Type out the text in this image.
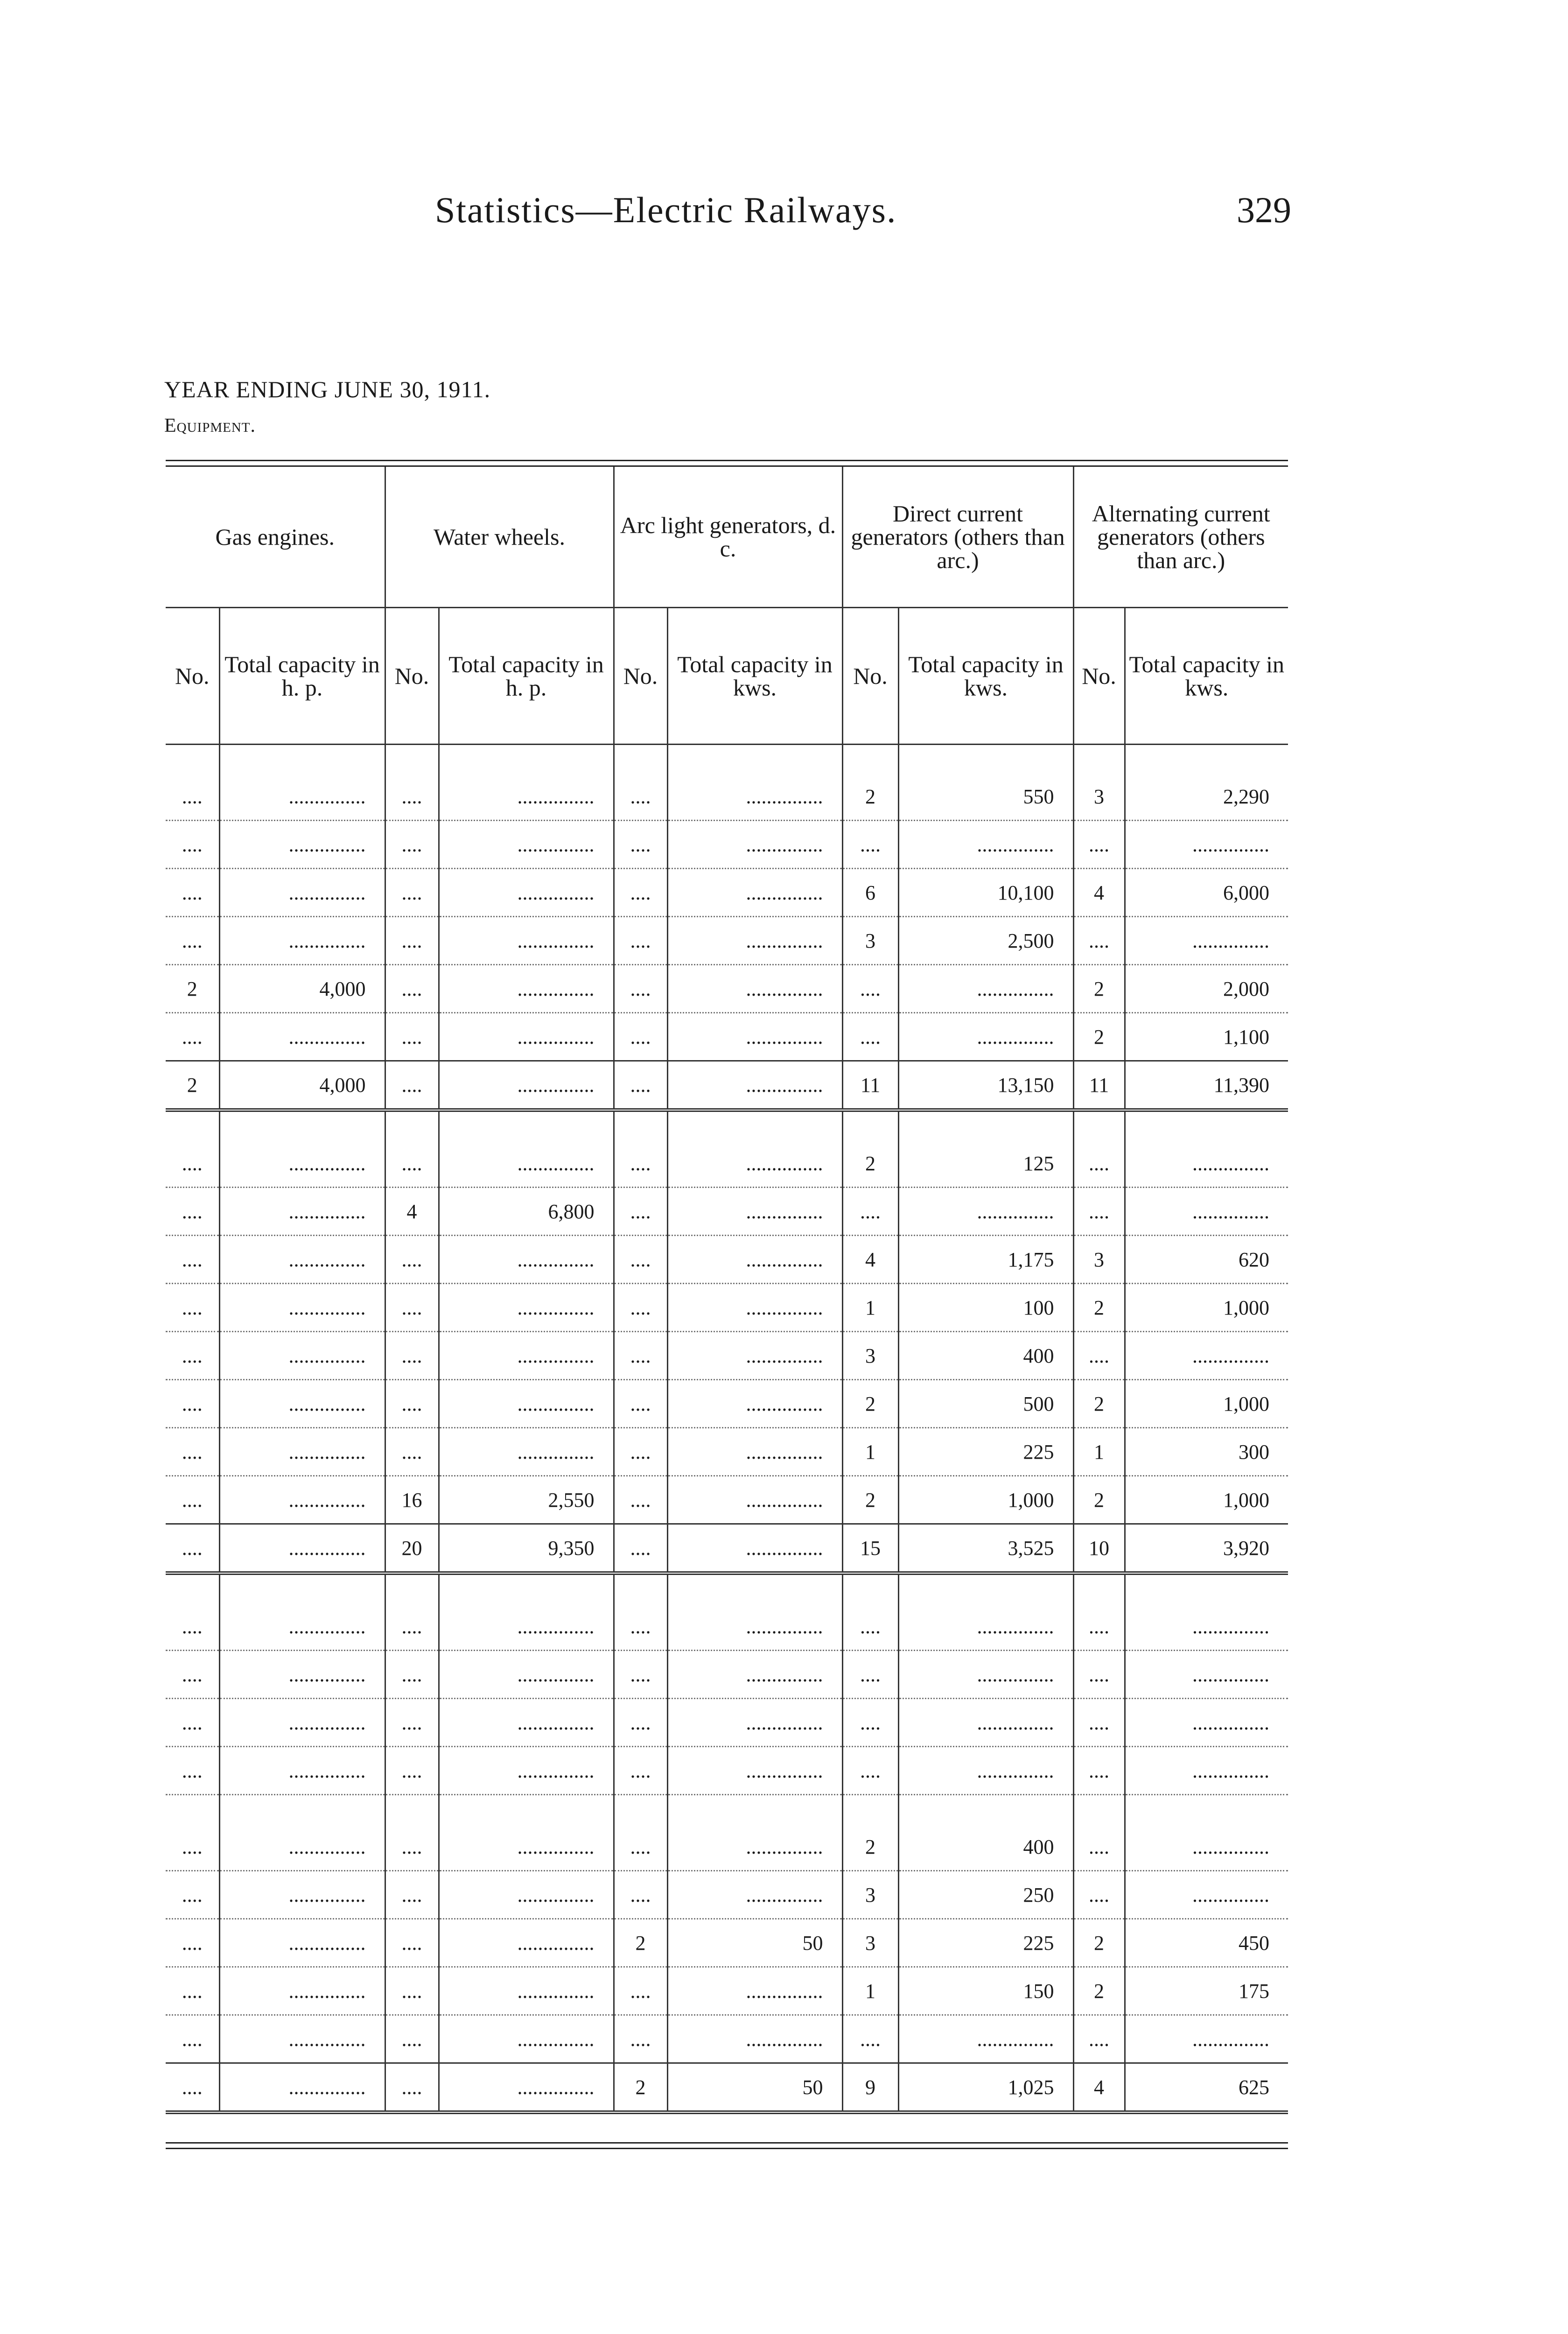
Statistics—Electric Railways.	329
YEAR ENDING JUNE 30, 1911.
Equipment.
Gas engines.		Water wheels.		Arc light generators, d. c.		Direct current generators (others than arc.)		Alternating current generators (others than arc.)	
No.	Total capacity in h. p.	No.	Total capacity in h. p.	No.	Total capacity in kws.	No.	Total capacity in kws.	No.	Total capacity in kws.

....	...............	....	...............	....	...............	2	550	3	2,290
....	...............	....	...............	....	...............	....	...............	....	...............
....	...............	....	...............	....	...............	6	10,100	4	6,000
....	...............	....	...............	....	...............	3	2,500	....	...............
2	4,000	....	...............	....	...............	....	...............	2	2,000
....	...............	....	...............	....	...............	....	...............	2	1,100
2	4,000	....	...............	....	...............	11	13,150	11	11,390

....	...............	....	...............	....	...............	2	125	....	...............
....	...............	4	6,800	....	...............	....	...............	....	...............
....	...............	....	...............	....	...............	4	1,175	3	620
....	...............	....	...............	....	...............	1	100	2	1,000
....	...............	....	...............	....	...............	3	400	....	...............
....	...............	....	...............	....	...............	2	500	2	1,000
....	...............	....	...............	....	...............	1	225	1	300
....	...............	16	2,550	....	...............	2	1,000	2	1,000
....	...............	20	9,350	....	...............	15	3,525	10	3,920

....	...............	....	...............	....	...............	....	...............	....	...............
....	...............	....	...............	....	...............	....	...............	....	...............
....	...............	....	...............	....	...............	....	...............	....	...............
....	...............	....	...............	....	...............	....	...............	....	...............

....	...............	....	...............	....	...............	2	400	....	...............
....	...............	....	...............	....	...............	3	250	....	...............
....	...............	....	...............	2	50	3	225	2	450
....	...............	....	...............	....	...............	1	150	2	175
....	...............	....	...............	....	...............	....	...............	....	...............
....	...............	....	...............	2	50	9	1,025	4	625
